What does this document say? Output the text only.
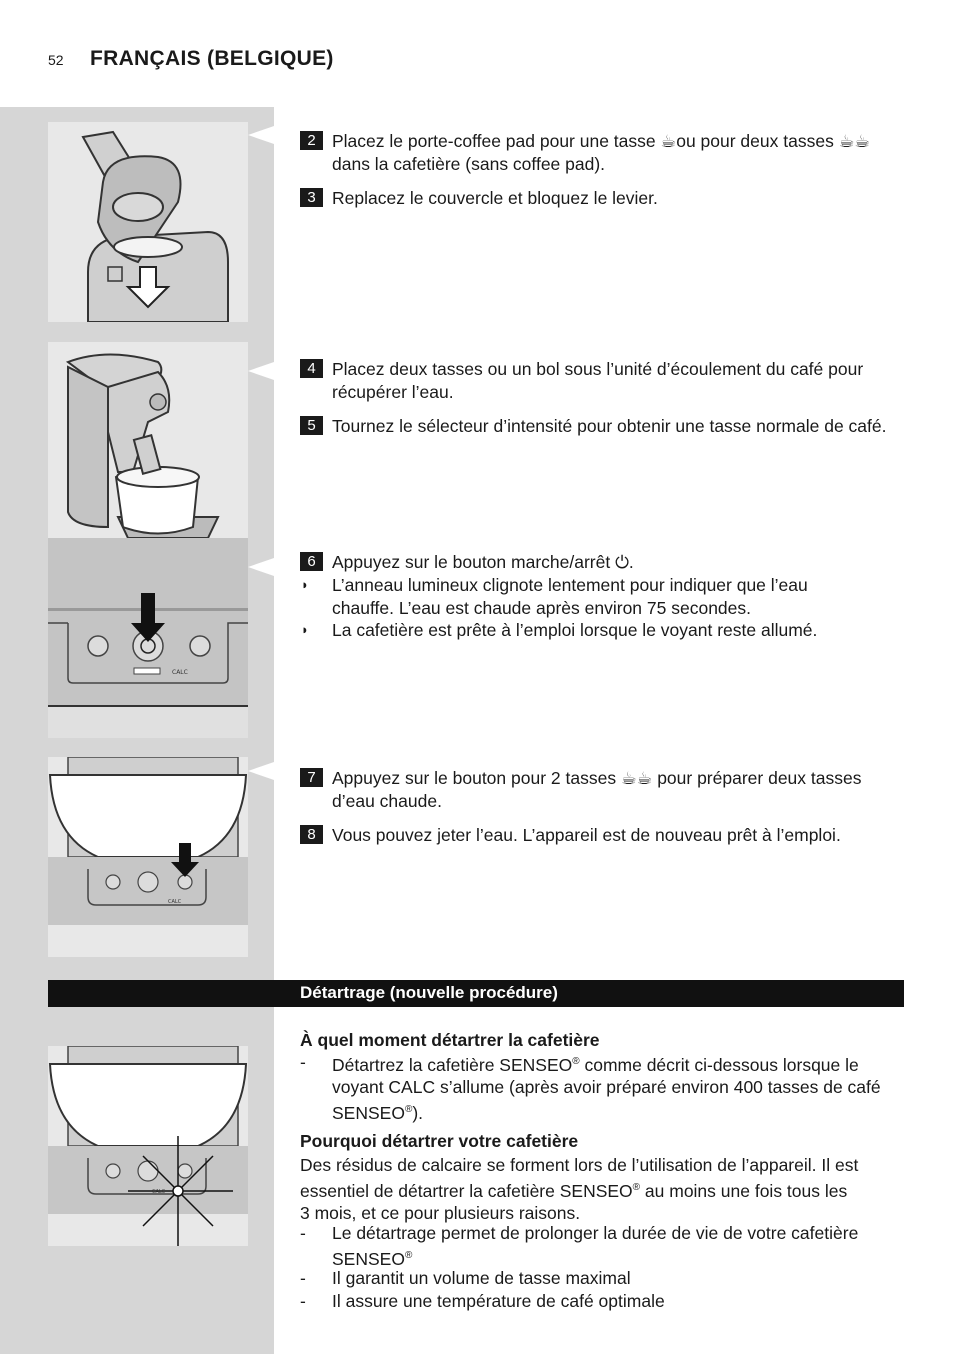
52 FRANÇAIS (BELGIQUE)
CALC
CALC
CALC
2 Placez le porte-coffee pad pour une tasse ☕ou pour deux tasses ☕☕
dans la cafetière (sans coffee pad).
3 Replacez le couvercle et bloquez le levier.
4 Placez deux tasses ou un bol sous l’unité d’écoulement du café pour
récupérer l’eau.
5 Tournez le sélecteur d’intensité pour obtenir une tasse normale de café.
6 Appuyez sur le bouton marche/arrêt ⏻.
◗	L’anneau lumineux clignote lentement pour indiquer que l’eau
chauffe. L’eau est chaude après environ 75 secondes.
◗	La cafetière est prête à l’emploi lorsque le voyant reste allumé.
7 Appuyez sur le bouton pour 2 tasses ☕☕ pour préparer deux tasses
d’eau chaude.
8 Vous pouvez jeter l’eau. L’appareil est de nouveau prêt à l’emploi.
Détartrage (nouvelle procédure)
À quel moment détartrer la cafetière
- Détartrez la cafetière SENSEO® comme décrit ci-dessous lorsque le
voyant CALC s’allume (après avoir préparé environ 400 tasses de café
SENSEO®).
Pourquoi détartrer votre cafetière
Des résidus de calcaire se forment lors de l’utilisation de l’appareil. Il est
essentiel de détartrer la cafetière SENSEO® au moins une fois tous les
3 mois, et ce pour plusieurs raisons.
- Le détartrage permet de prolonger la durée de vie de votre cafetière
SENSEO®
- Il garantit un volume de tasse maximal
- Il assure une température de café optimale
